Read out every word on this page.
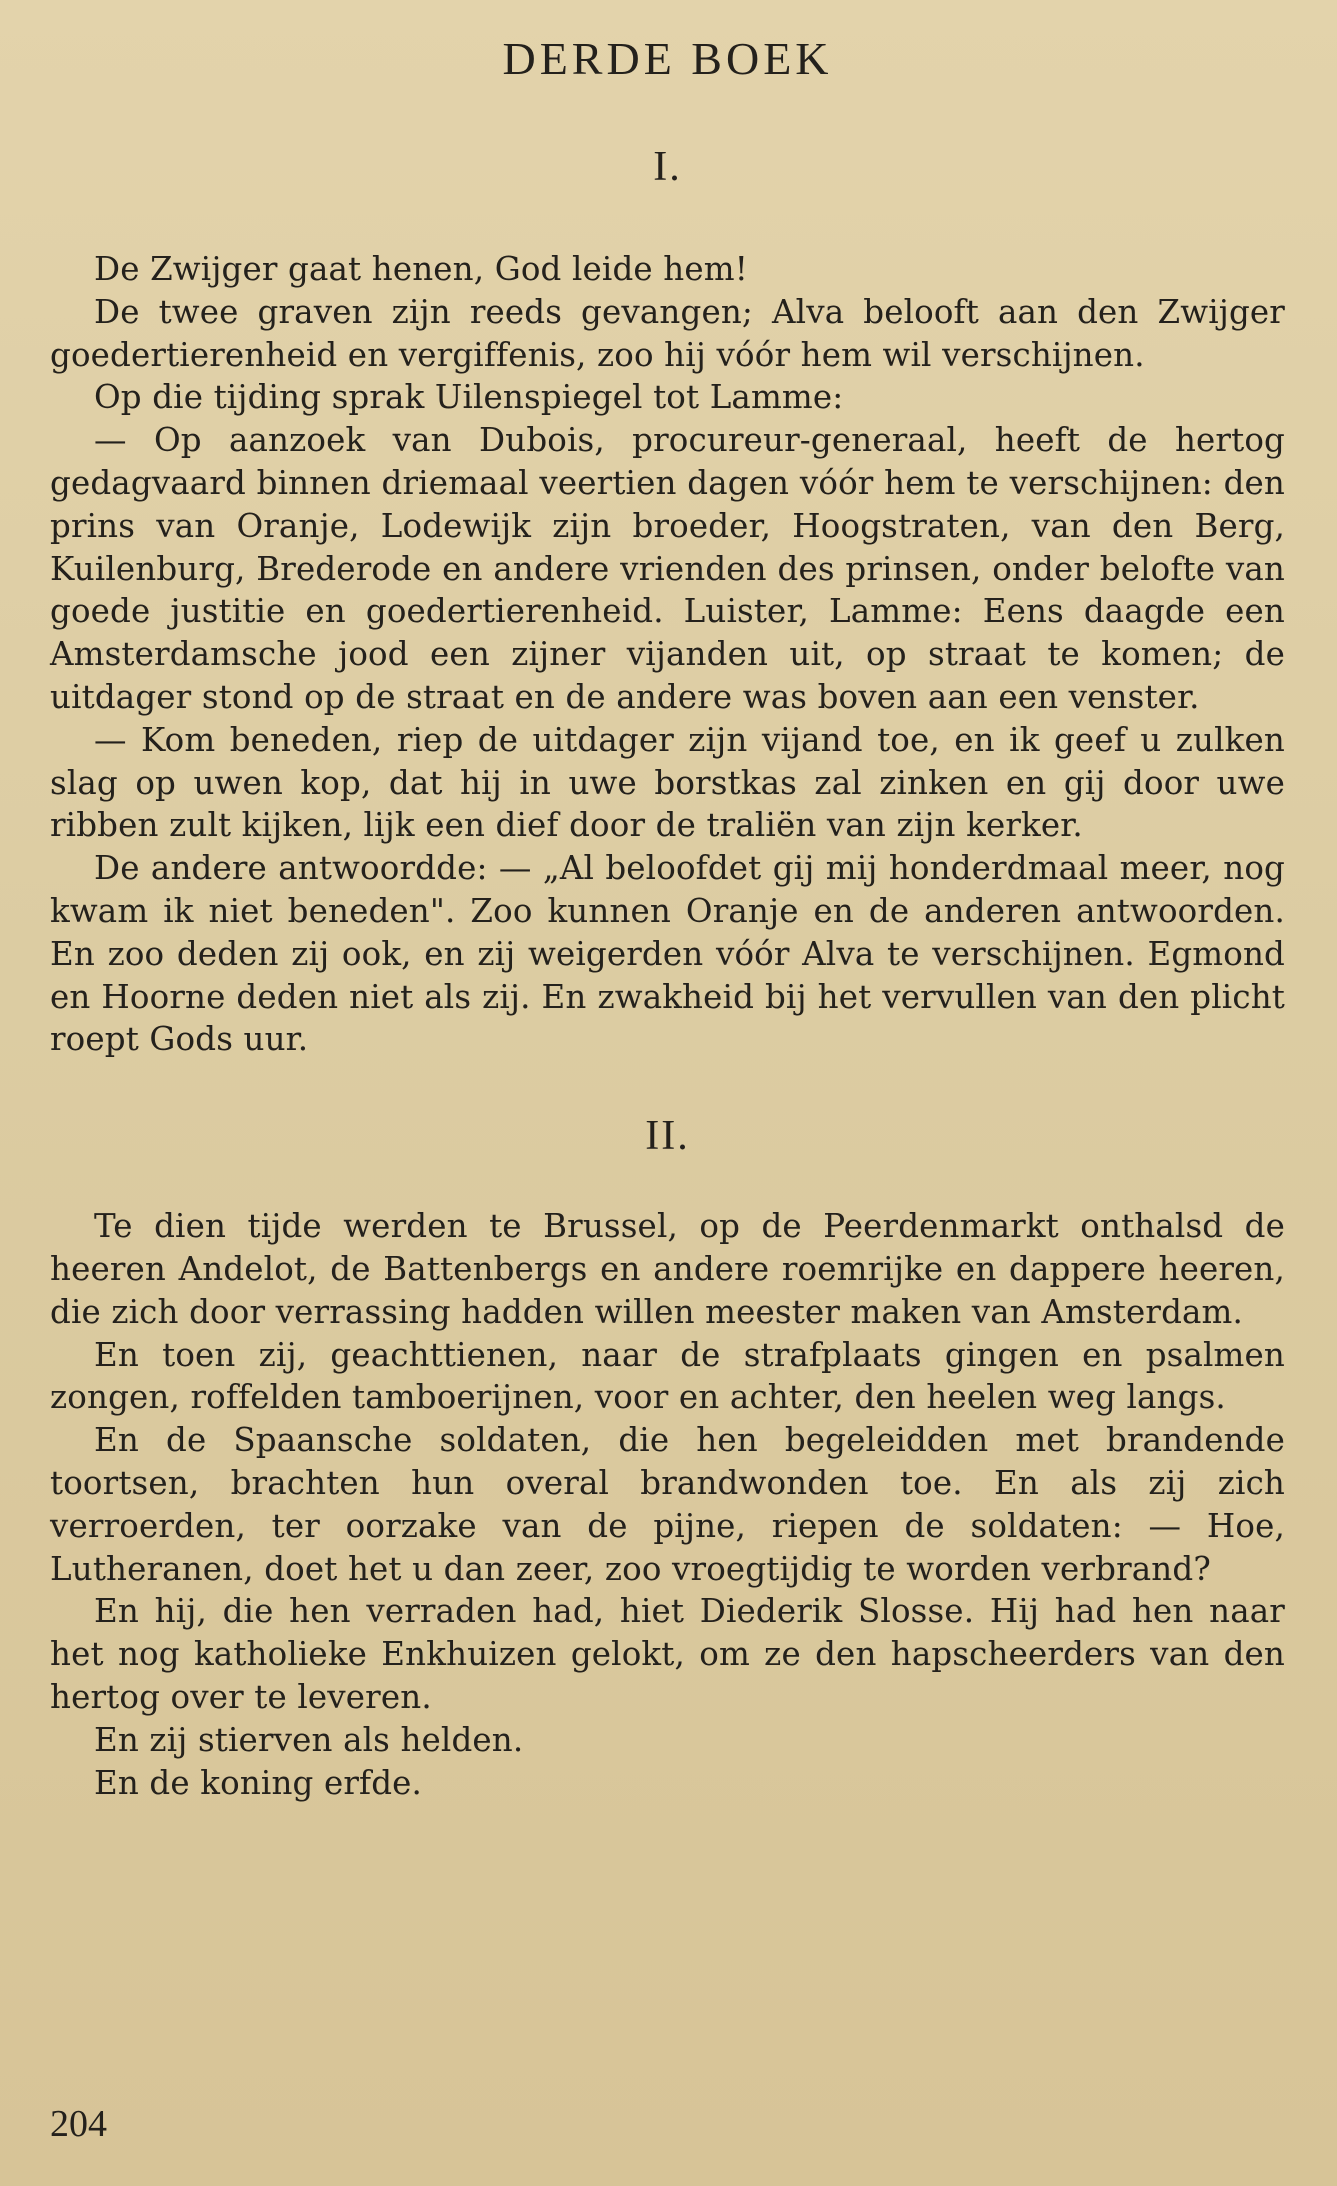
DERDE BOEK
I.

De Zwijger gaat henen, God leide hem!

De twee graven zijn reeds gevangen; Alva belooft aan den Zwijger goedertierenheid en vergiffenis, zoo hij vóór hem wil verschijnen.

Op die tijding sprak Uilenspiegel tot Lamme:

— Op aanzoek van Dubois, procureur-generaal, heeft de hertog gedagvaard binnen driemaal veertien dagen vóór hem te verschijnen: den prins van Oranje, Lodewijk zijn broeder, Hoogstraten, van den Berg, Kuilenburg, Brederode en andere vrienden des prinsen, onder belofte van goede justitie en goedertierenheid. Luister, Lamme: Eens daagde een Amsterdamsche jood een zijner vijanden uit, op straat te komen; de uitdager stond op de straat en de andere was boven aan een venster.

— Kom beneden, riep de uitdager zijn vijand toe, en ik geef u zulken slag op uwen kop, dat hij in uwe borstkas zal zinken en gij door uwe ribben zult kijken, lijk een dief door de traliën van zijn kerker.

De andere antwoordde: — „Al beloofdet gij mij honderdmaal meer, nog kwam ik niet beneden". Zoo kunnen Oranje en de anderen antwoorden. En zoo deden zij ook, en zij weigerden vóór Alva te verschijnen. Egmond en Hoorne deden niet als zij. En zwakheid bij het vervullen van den plicht roept Gods uur.

II.

Te dien tijde werden te Brussel, op de Peerdenmarkt onthalsd de heeren Andelot, de Battenbergs en andere roemrijke en dappere heeren, die zich door verrassing hadden willen meester maken van Amsterdam.

En toen zij, geachttienen, naar de strafplaats gingen en psalmen zongen, roffelden tamboerijnen, voor en achter, den heelen weg langs.

En de Spaansche soldaten, die hen begeleidden met brandende toortsen, brachten hun overal brandwonden toe. En als zij zich verroerden, ter oorzake van de pijne, riepen de soldaten: — Hoe, Lutheranen, doet het u dan zeer, zoo vroegtijdig te worden verbrand?

En hij, die hen verraden had, hiet Diederik Slosse. Hij had hen naar het nog katholieke Enkhuizen gelokt, om ze den hapscheerders van den hertog over te leveren.

En zij stierven als helden.

En de koning erfde.

204
